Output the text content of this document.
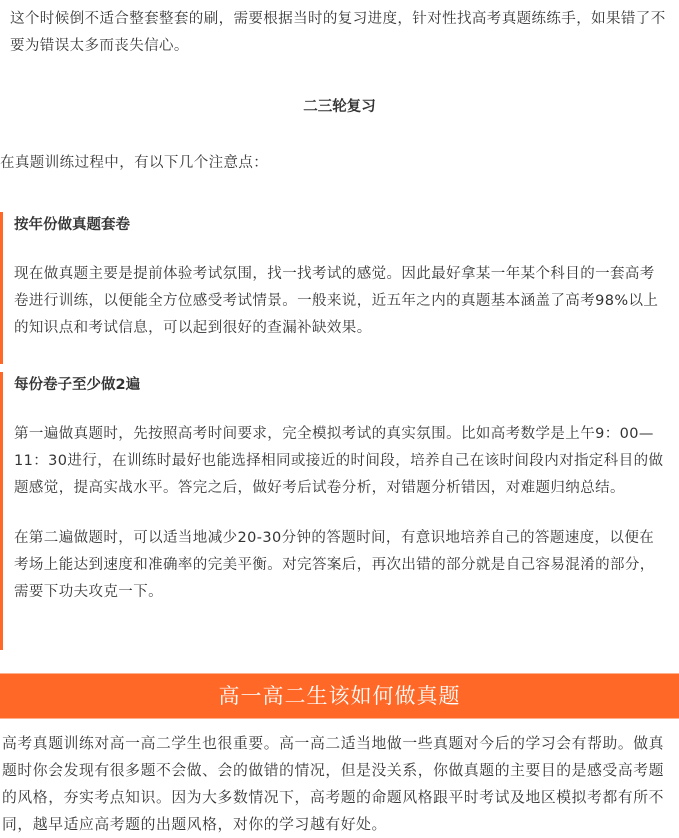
这个时候倒不适合整套整套的刷，需要根据当时的复习进度，针对性找高考真题练练手，如果错了不要为错误太多而丧失信心。
二三轮复习
在真题训练过程中，有以下几个注意点：

按年份做真题套卷

现在做真题主要是提前体验考试氛围，找一找考试的感觉。因此最好拿某一年某个科目的一套高考卷进行训练，以便能全方位感受考试情景。一般来说，近五年之内的真题基本涵盖了高考98%以上的知识点和考试信息，可以起到很好的查漏补缺效果。

每份卷子至少做2遍

第一遍做真题时，先按照高考时间要求，完全模拟考试的真实氛围。比如高考数学是上午9：00—11：30进行，在训练时最好也能选择相同或接近的时间段，培养自己在该时间段内对指定科目的做题感觉，提高实战水平。答完之后，做好考后试卷分析，对错题分析错因，对难题归纳总结。

在第二遍做题时，可以适当地减少20-30分钟的答题时间，有意识地培养自己的答题速度，以便在考场上能达到速度和准确率的完美平衡。对完答案后，再次出错的部分就是自己容易混淆的部分，需要下功夫攻克一下。

高一高二生该如何做真题
高考真题训练对高一高二学生也很重要。高一高二适当地做一些真题对今后的学习会有帮助。做真题时你会发现有很多题不会做、会的做错的情况，但是没关系，你做真题的主要目的是感受高考题的风格，夯实考点知识。因为大多数情况下，高考题的命题风格跟平时考试及地区模拟考都有所不同，越早适应高考题的出题风格，对你的学习越有好处。
